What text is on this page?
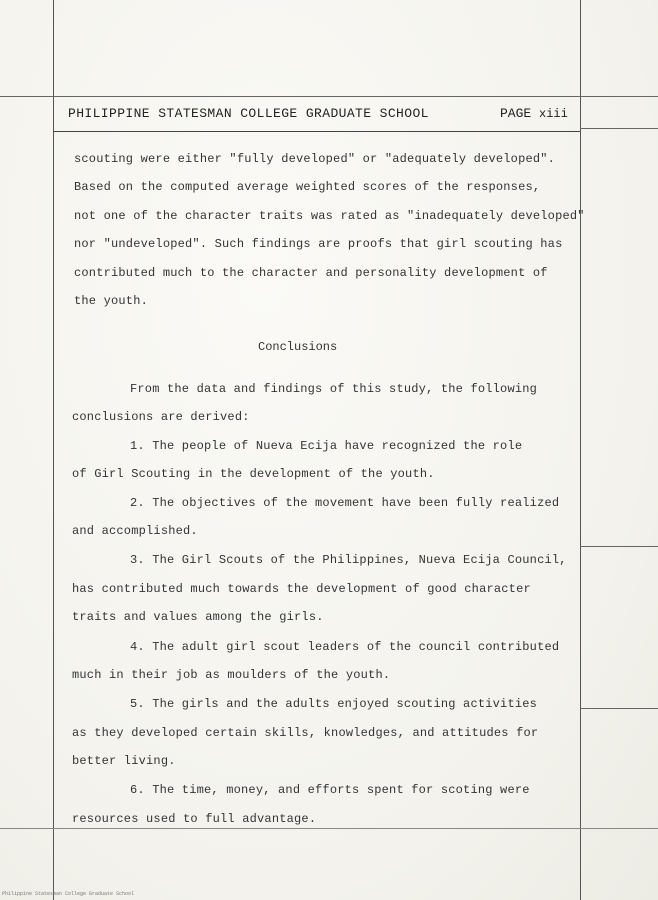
PHILIPPINE STATESMAN COLLEGE GRADUATE SCHOOL	PAGE xiii
scouting were either "fully developed" or "adequately developed".
Based on the computed average weighted scores of the responses,
not one of the character traits was rated as "inadequately developed"
nor "undeveloped". Such findings are proofs that girl scouting has
contributed much to the character and personality development of
the youth.
Conclusions
From the data and findings of this study, the following
conclusions are derived:
1. The people of Nueva Ecija have recognized the role
of Girl Scouting in the development of the youth.
2. The objectives of the movement have been fully realized
and accomplished.
3. The Girl Scouts of the Philippines, Nueva Ecija Council,
has contributed much towards the development of good character
traits and values among the girls.
4. The adult girl scout leaders of the council contributed
much in their job as moulders of the youth.
5. The girls and the adults enjoyed scouting activities
as they developed certain skills, knowledges, and attitudes for
better living.
6. The time, money, and efforts spent for scoting were
resources used to full advantage.
Philippine Statesman College Graduate School
